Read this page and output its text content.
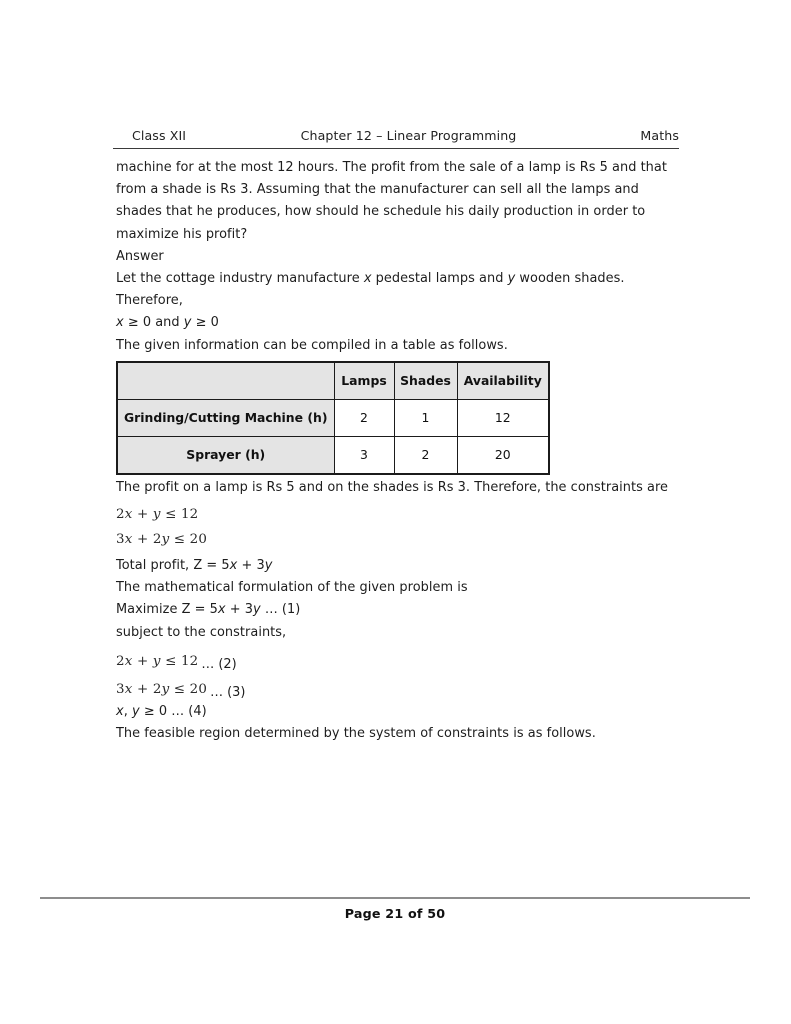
Class XII	Chapter 12 – Linear Programming	Maths

machine for at the most 12 hours. The profit from the sale of a lamp is Rs 5 and that from a shade is Rs 3. Assuming that the manufacturer can sell all the lamps and shades that he produces, how should he schedule his daily production in order to maximize his profit?

Answer

Let the cottage industry manufacture x pedestal lamps and y wooden shades. Therefore,

x ≥ 0 and y ≥ 0

The given information can be compiled in a table as follows.

	Lamps	Shades	Availability
Grinding/Cutting Machine (h)	2	1	12
Sprayer (h)	3	2	20

The profit on a lamp is Rs 5 and on the shades is Rs 3. Therefore, the constraints are

2x + y ≤ 12
3x + 2y ≤ 20

Total profit, Z = 5x + 3y

The mathematical formulation of the given problem is

Maximize Z = 5x + 3y … (1)

subject to the constraints,

2x + y ≤ 12 … (2)
3x + 2y ≤ 20 … (3)

x, y ≥ 0 … (4)

The feasible region determined by the system of constraints is as follows.

Page 21 of 50
